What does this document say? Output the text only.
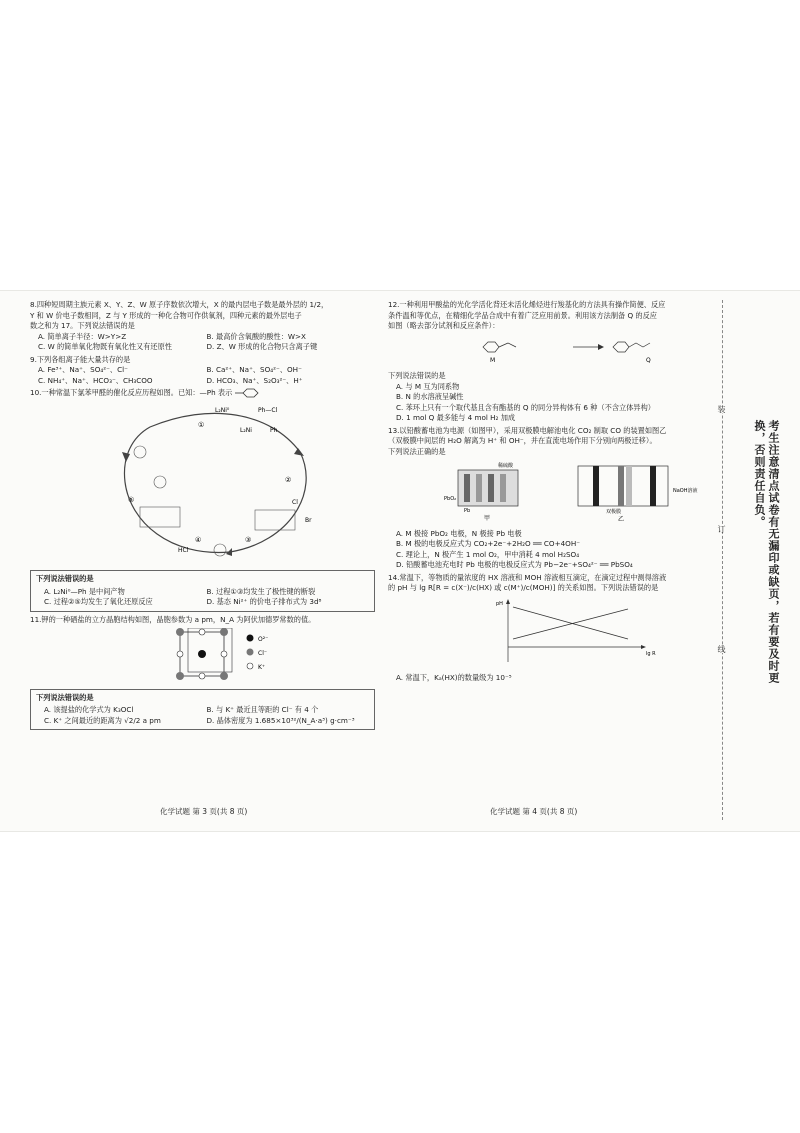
8.四种短周期主族元素 X、Y、Z、W 原子序数依次增大，X 的最内层电子数是最外层的 1/2，
Y 和 W 价电子数相同，Z 与 Y 形成的一种化合物可作供氧剂，四种元素的最外层电子
数之和为 17。下列说法错误的是
A. 简单离子半径：W>Y>Z	B. 最高价含氧酸的酸性：W>X
C. W 的简单氧化物既有氧化性又有还原性	D. Z、W 形成的化合物只含离子键
9.下列各组离子能大量共存的是
A. Fe³⁺、Na⁺、SO₄²⁻、Cl⁻	B. Ca²⁺、Na⁺、SO₄²⁻、OH⁻
C. NH₄⁺、Na⁺、HCO₃⁻、CH₃COO	D. HCO₃、Na⁺、S₂O₃²⁻、H⁺
10.一种常温下氯苯甲醛的催化反应历程如图。已知：—Ph 表示
L₂Ni⁰	Ph—Cl
①
②
③
④
⑤
HCl
L₂Ni	Ph
Cl
Br
下列说法错误的是
A. L₂Ni⁰—Ph 是中间产物	B. 过程①③均发生了极性键的断裂
C. 过程②⑤均发生了氧化还原反应	D. 基态 Ni²⁺ 的价电子排布式为 3d⁸
11.钾的一种硒盐的立方晶胞结构如图，晶胞参数为 a pm，N_A 为阿伏加德罗常数的值。
O²⁻
Cl⁻
K⁺
下列说法错误的是
A. 该提盐的化学式为 K₃OCl	B. 与 K⁺ 最近且等距的 Cl⁻ 有 4 个
C. K⁺ 之间最近的距离为 √2/2 a pm	D. 晶体密度为 1.685×10³²/(N_A·a³) g·cm⁻³
化学试题 第 3 页(共 8 页)
12.一种利用甲酸盐的光化学活化背还未活化烯烃进行羧基化的方法具有操作简便、反应
条件温和等优点，在精细化学品合成中有着广泛应用前景。利用该方法制备 Q 的反应
如图（略去部分试剂和反应条件）：
M	Q
下列说法错误的是
A. 与 M 互为同系物
B. N 的水溶液呈碱性
C. 苯环上只有一个取代基且含有酯基的 Q 的同分异构体有 6 种（不含立体异构）
D. 1 mol Q 最多能与 4 mol H₂ 加成
13.以铅酸蓄电池为电源（如图甲），采用双极膜电解池电化 CO₂ 制取 CO 的装置如图乙
（双极膜中间层的 H₂O 解离为 H⁺ 和 OH⁻，并在直流电场作用下分别向两极迁移）。
下列说法正确的是
稀硫酸
PbO₂
Pb
甲
双极膜
NaOH溶液
乙
A. M 极接 PbO₂ 电极，N 极接 Pb 电极
B. M 极的电极反应式为 CO₂+2e⁻+2H₂O ══ CO+4OH⁻
C. 理论上，N 极产生 1 mol O₂，甲中消耗 4 mol H₂SO₄
D. 铅酸蓄电池充电时 Pb 电极的电极反应式为 Pb−2e⁻+SO₄²⁻ ══ PbSO₄
14.常温下，等物质的量浓度的 HX 溶液和 MOH 溶液相互滴定，在滴定过程中测得溶液
的 pH 与 lg R[R = c(X⁻)/c(HX) 或 c(M⁺)/c(MOH)] 的关系如图。下列说法错误的是
pH
lg R
A. 常温下，Kₐ(HX)的数量级为 10⁻⁵
化学试题 第 4 页(共 8 页)
装
订
线	考生注意清点试卷有无漏印或缺页，若有要及时更换，否则责任自负。
